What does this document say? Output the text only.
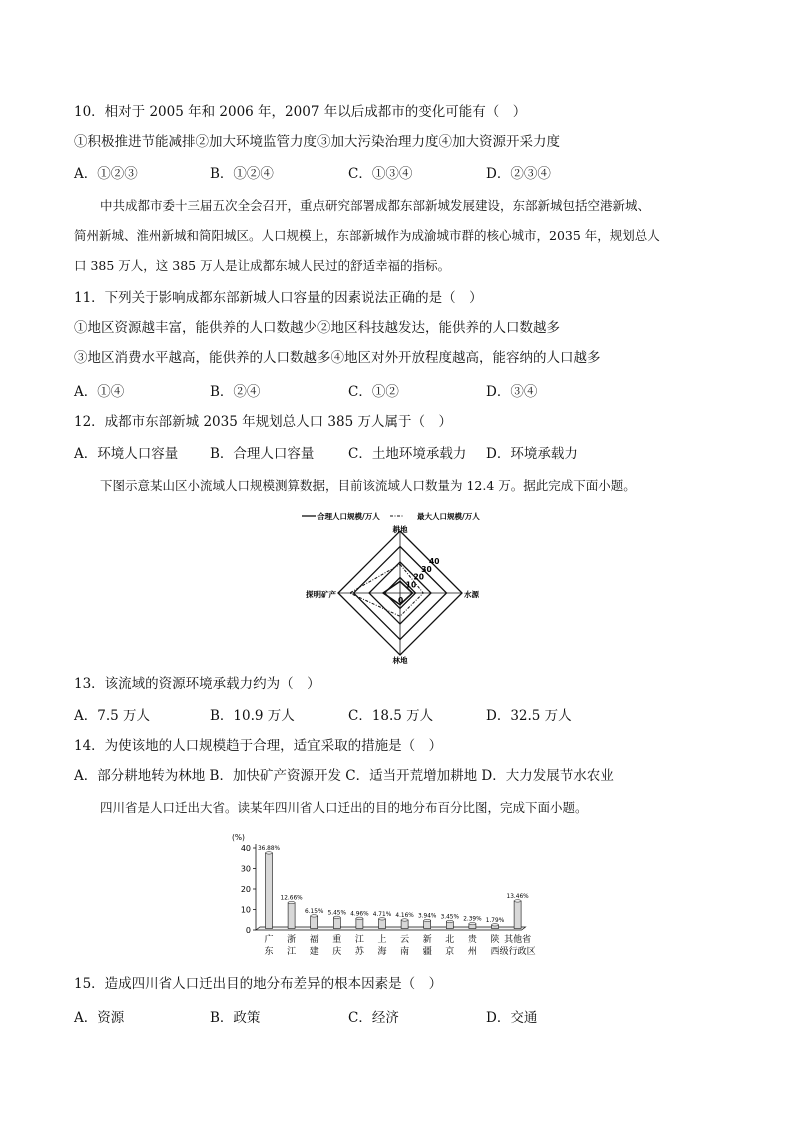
10．相对于 2005 年和 2006 年，2007 年以后成都市的变化可能有（　）
①积极推进节能减排②加大环境监管力度③加大污染治理力度④加大资源开采力度
A．①②③	B．①②④	C．①③④	D．②③④
中共成都市委十三届五次全会召开，重点研究部署成都东部新城发展建设，东部新城包括空港新城、
简州新城、淮州新城和简阳城区。人口规模上，东部新城作为成渝城市群的核心城市，2035 年，规划总人
口 385 万人，这 385 万人是让成都东城人民过的舒适幸福的指标。
11．下列关于影响成都东部新城人口容量的因素说法正确的是（　）
①地区资源越丰富，能供养的人口数越少②地区科技越发达，能供养的人口数越多
③地区消费水平越高，能供养的人口数越多④地区对外开放程度越高，能容纳的人口越多
A．①④	B．②④	C．①②	D．③④
12．成都市东部新城 2035 年规划总人口 385 万人属于（　）
A．环境人口容量 B．合理人口容量 C．土地环境承载力 D．环境承载力
下图示意某山区小流域人口规模测算数据，目前该流域人口数量为 12.4 万。据此完成下面小题。
合理人口规模/万人	最大人口规模/万人
0
10
20
30
40
耕地
水源
林地
探明矿产
13．该流域的资源环境承载力约为（　）
A．7.5 万人	B．10.9 万人	C．18.5 万人	D．32.5 万人
14．为使该地的人口规模趋于合理，适宜采取的措施是（　）
A．部分耕地转为林地 B．加快矿产资源开发 C．适当开荒增加耕地 D．大力发展节水农业
四川省是人口迁出大省。读某年四川省人口迁出的目的地分布百分比图，完成下面小题。
(%)
0
10
20
30
40 36.88%
广
东
12.66%
浙
江
6.15%
福
建
5.45%
重
庆
4.96%
江
苏
4.71%
上
海
4.16%
云
南
3.94%
新
疆
3.45%
北
京
2.39%
贵
州
1.79%
陕
西
13.46%
其他省
级行政区
15．造成四川省人口迁出目的地分布差异的根本因素是（　）
A．资源	B．政策	C．经济	D．交通
